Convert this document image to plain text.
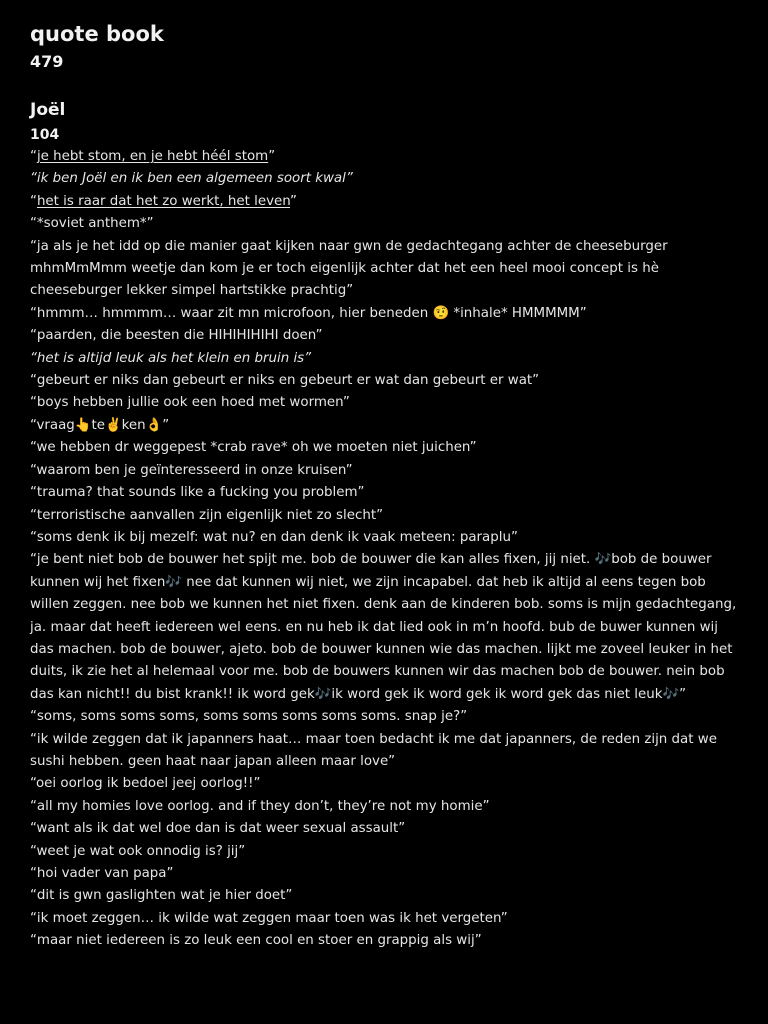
quote book
479
Joël
104
“je hebt stom, en je hebt héél stom”
“ik ben Joël en ik ben een algemeen soort kwal”
“het is raar dat het zo werkt, het leven”
“*soviet anthem*”
“ja als je het idd op die manier gaat kijken naar gwn de gedachtegang achter de cheeseburger mhmMmMmm weetje dan kom je er toch eigenlijk achter dat het een heel mooi concept is hè cheeseburger lekker simpel hartstikke prachtig”
“hmmm… hmmmm… waar zit mn microfoon, hier beneden 🤨 *inhale* HMMMMM”
“paarden, die beesten die HIHIHIHIHI doen”
“het is altijd leuk als het klein en bruin is”
“gebeurt er niks dan gebeurt er niks en gebeurt er wat dan gebeurt er wat”
“boys hebben jullie ook een hoed met wormen”
“vraag👆te✌️ken👌”
“we hebben dr weggepest *crab rave* oh we moeten niet juichen”
“waarom ben je geïnteresseerd in onze kruisen”
“trauma? that sounds like a fucking you problem”
“terroristische aanvallen zijn eigenlijk niet zo slecht”
“soms denk ik bij mezelf: wat nu? en dan denk ik vaak meteen: paraplu”
“je bent niet bob de bouwer het spijt me. bob de bouwer die kan alles fixen, jij niet. 🎶bob de bouwer kunnen wij het fixen🎶 nee dat kunnen wij niet, we zijn incapabel. dat heb ik altijd al eens tegen bob willen zeggen. nee bob we kunnen het niet fixen. denk aan de kinderen bob. soms is mijn gedachtegang, ja. maar dat heeft iedereen wel eens. en nu heb ik dat lied ook in m’n hoofd. bub de buwer kunnen wij das machen. bob de bouwer, ajeto. bob de bouwer kunnen wie das machen. lijkt me zoveel leuker in het duits, ik zie het al helemaal voor me. bob de bouwers kunnen wir das machen bob de bouwer. nein bob das kan nicht!! du bist krank!! ik word gek🎶ik word gek ik word gek ik word gek das niet leuk🎶”
“soms, soms soms soms, soms soms soms soms soms. snap je?”
“ik wilde zeggen dat ik japanners haat… maar toen bedacht ik me dat japanners, de reden zijn dat we sushi hebben. geen haat naar japan alleen maar love”
“oei oorlog ik bedoel jeej oorlog!!”
“all my homies love oorlog. and if they don’t, they’re not my homie”
“want als ik dat wel doe dan is dat weer sexual assault”
“weet je wat ook onnodig is? jij”
“hoi vader van papa”
“dit is gwn gaslighten wat je hier doet”
“ik moet zeggen… ik wilde wat zeggen maar toen was ik het vergeten”
“maar niet iedereen is zo leuk een cool en stoer en grappig als wij”
